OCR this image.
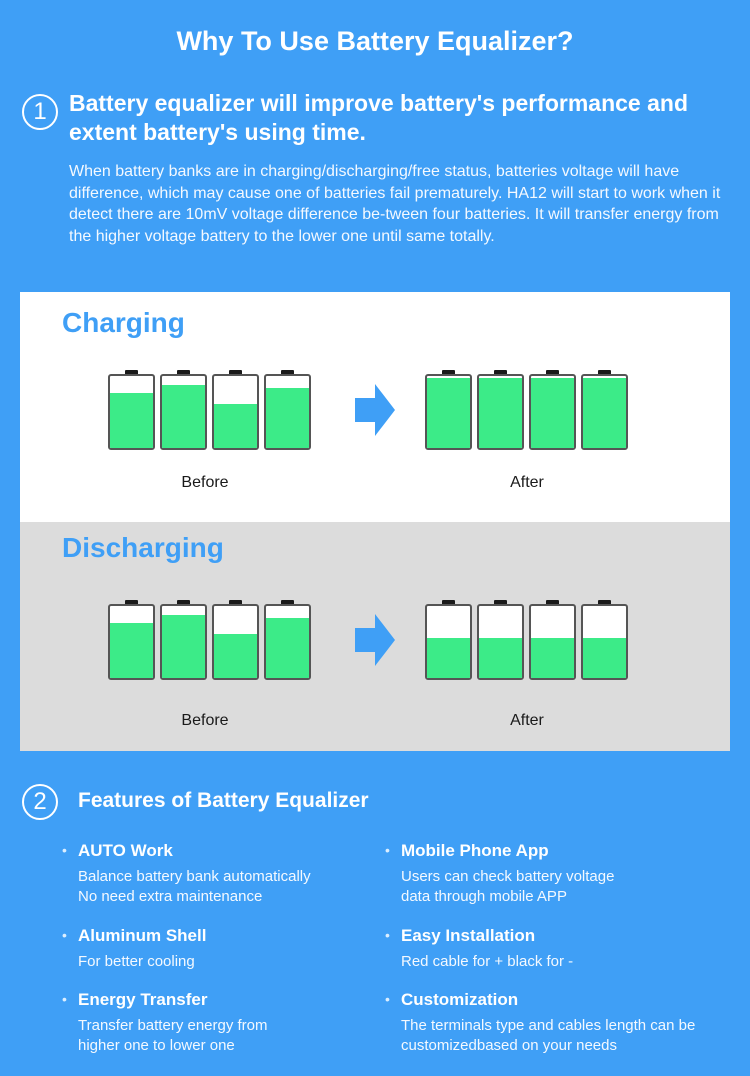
Why To Use Battery Equalizer?
1 Battery equalizer will improve battery's performance and extent battery's using time.
When battery banks are in charging/discharging/free status, batteries voltage will have difference, which may cause one of batteries fail prematurely. HA12 will start to work when it detect there are 10mV voltage difference be-tween four batteries. It will transfer energy from the higher voltage battery to the lower one until same totally.
Charging
Before	After
Discharging
Before	After
2	Features of Battery Equalizer
• AUTO Work
Balance battery bank automatically
No need extra maintenance
• Mobile Phone App
Users can check battery voltage
data through mobile APP
• Aluminum Shell
For better cooling
• Easy Installation
Red cable for + black for -
• Energy Transfer
Transfer battery energy from
higher one to lower one
• Customization
The terminals type and cables length can be
customizedbased on your needs
